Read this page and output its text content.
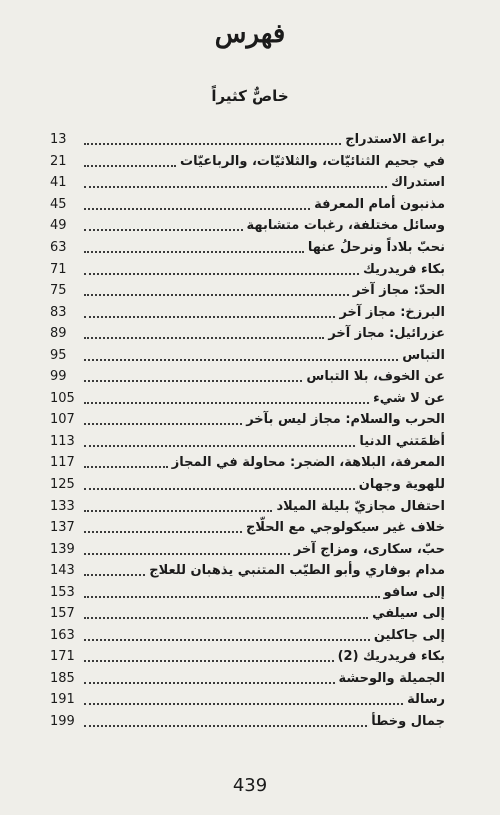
فهرس
خاصٌّ كثيراً
براعة الاستدراج
13
في جحيم الثنائيّات، والثلاثيّات، والرباعيّات
21
استدراك
41
مذنبون أمام المعرفة
45
وسائل مختلفة، رغبات متشابهة
49
نحبّ بلاداً ونرحلُ عنها
63
بكاء فريدريك
71
الحدّ: مجاز آخر
75
البرزخ: مجاز آخر
83
عزرائيل: مجاز آخر
89
التباس
95
عن الخوف، بلا التباس
99
عن لا شيء
105
الحرب والسلام: مجاز ليس بآخر
107
أظمَتني الدنيا
113
المعرفة، البلاهة، الضجر: محاولة في المجاز
117
للهوية وجهان
125
احتفال مجازيّ بليلة الميلاد
133
خلاف غير سيكولوجي مع الحلّاج
137
حبّ، سكارى، ومزاج آخر
139
مدام بوفاري وأبو الطيّب المتنبي يذهبان للعلاج
143
إلى سافو
153
إلى سيلفي
157
إلى جاكلين
163
بكاء فريدريك (2)
171
الجميلة والوحشة
185
رسالة
191
جمال وخطأ
199
439
